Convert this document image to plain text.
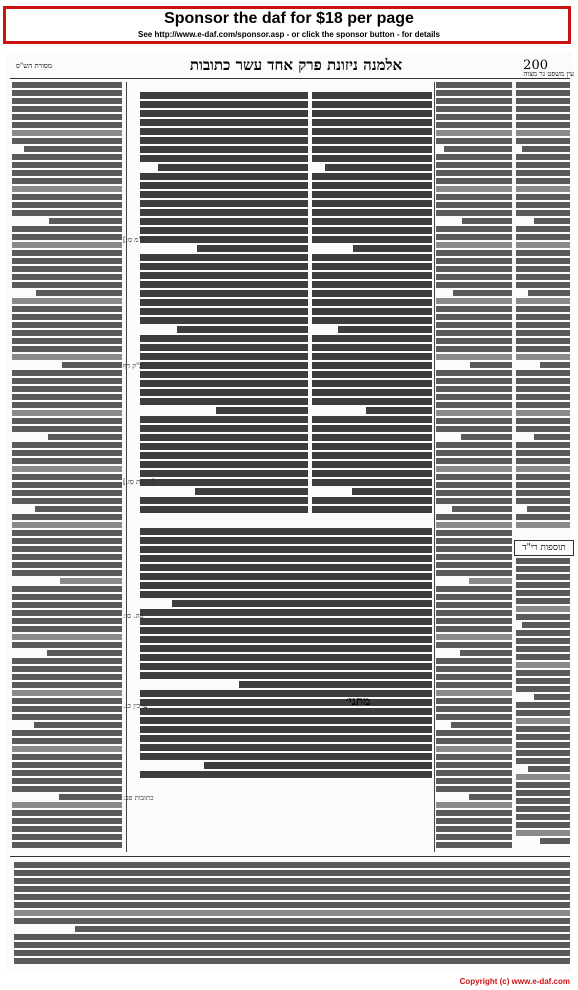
Sponsor the daf for $18 per page
See http://www.e-daf.com/sponsor.asp - or click the sponsor button - for details
מסורת הש"ס	אלמנה ניזונת פרק אחד עשר כתובות	200
עין משפט נר מצוה
תוספות רי"ד
מתני׳
[ב"מ ס:]
ב"ק דף
[יבמות סז.]
סה. סו:
ערכין כג.
כתובות פב:
Copyright (c) www.e-daf.com
